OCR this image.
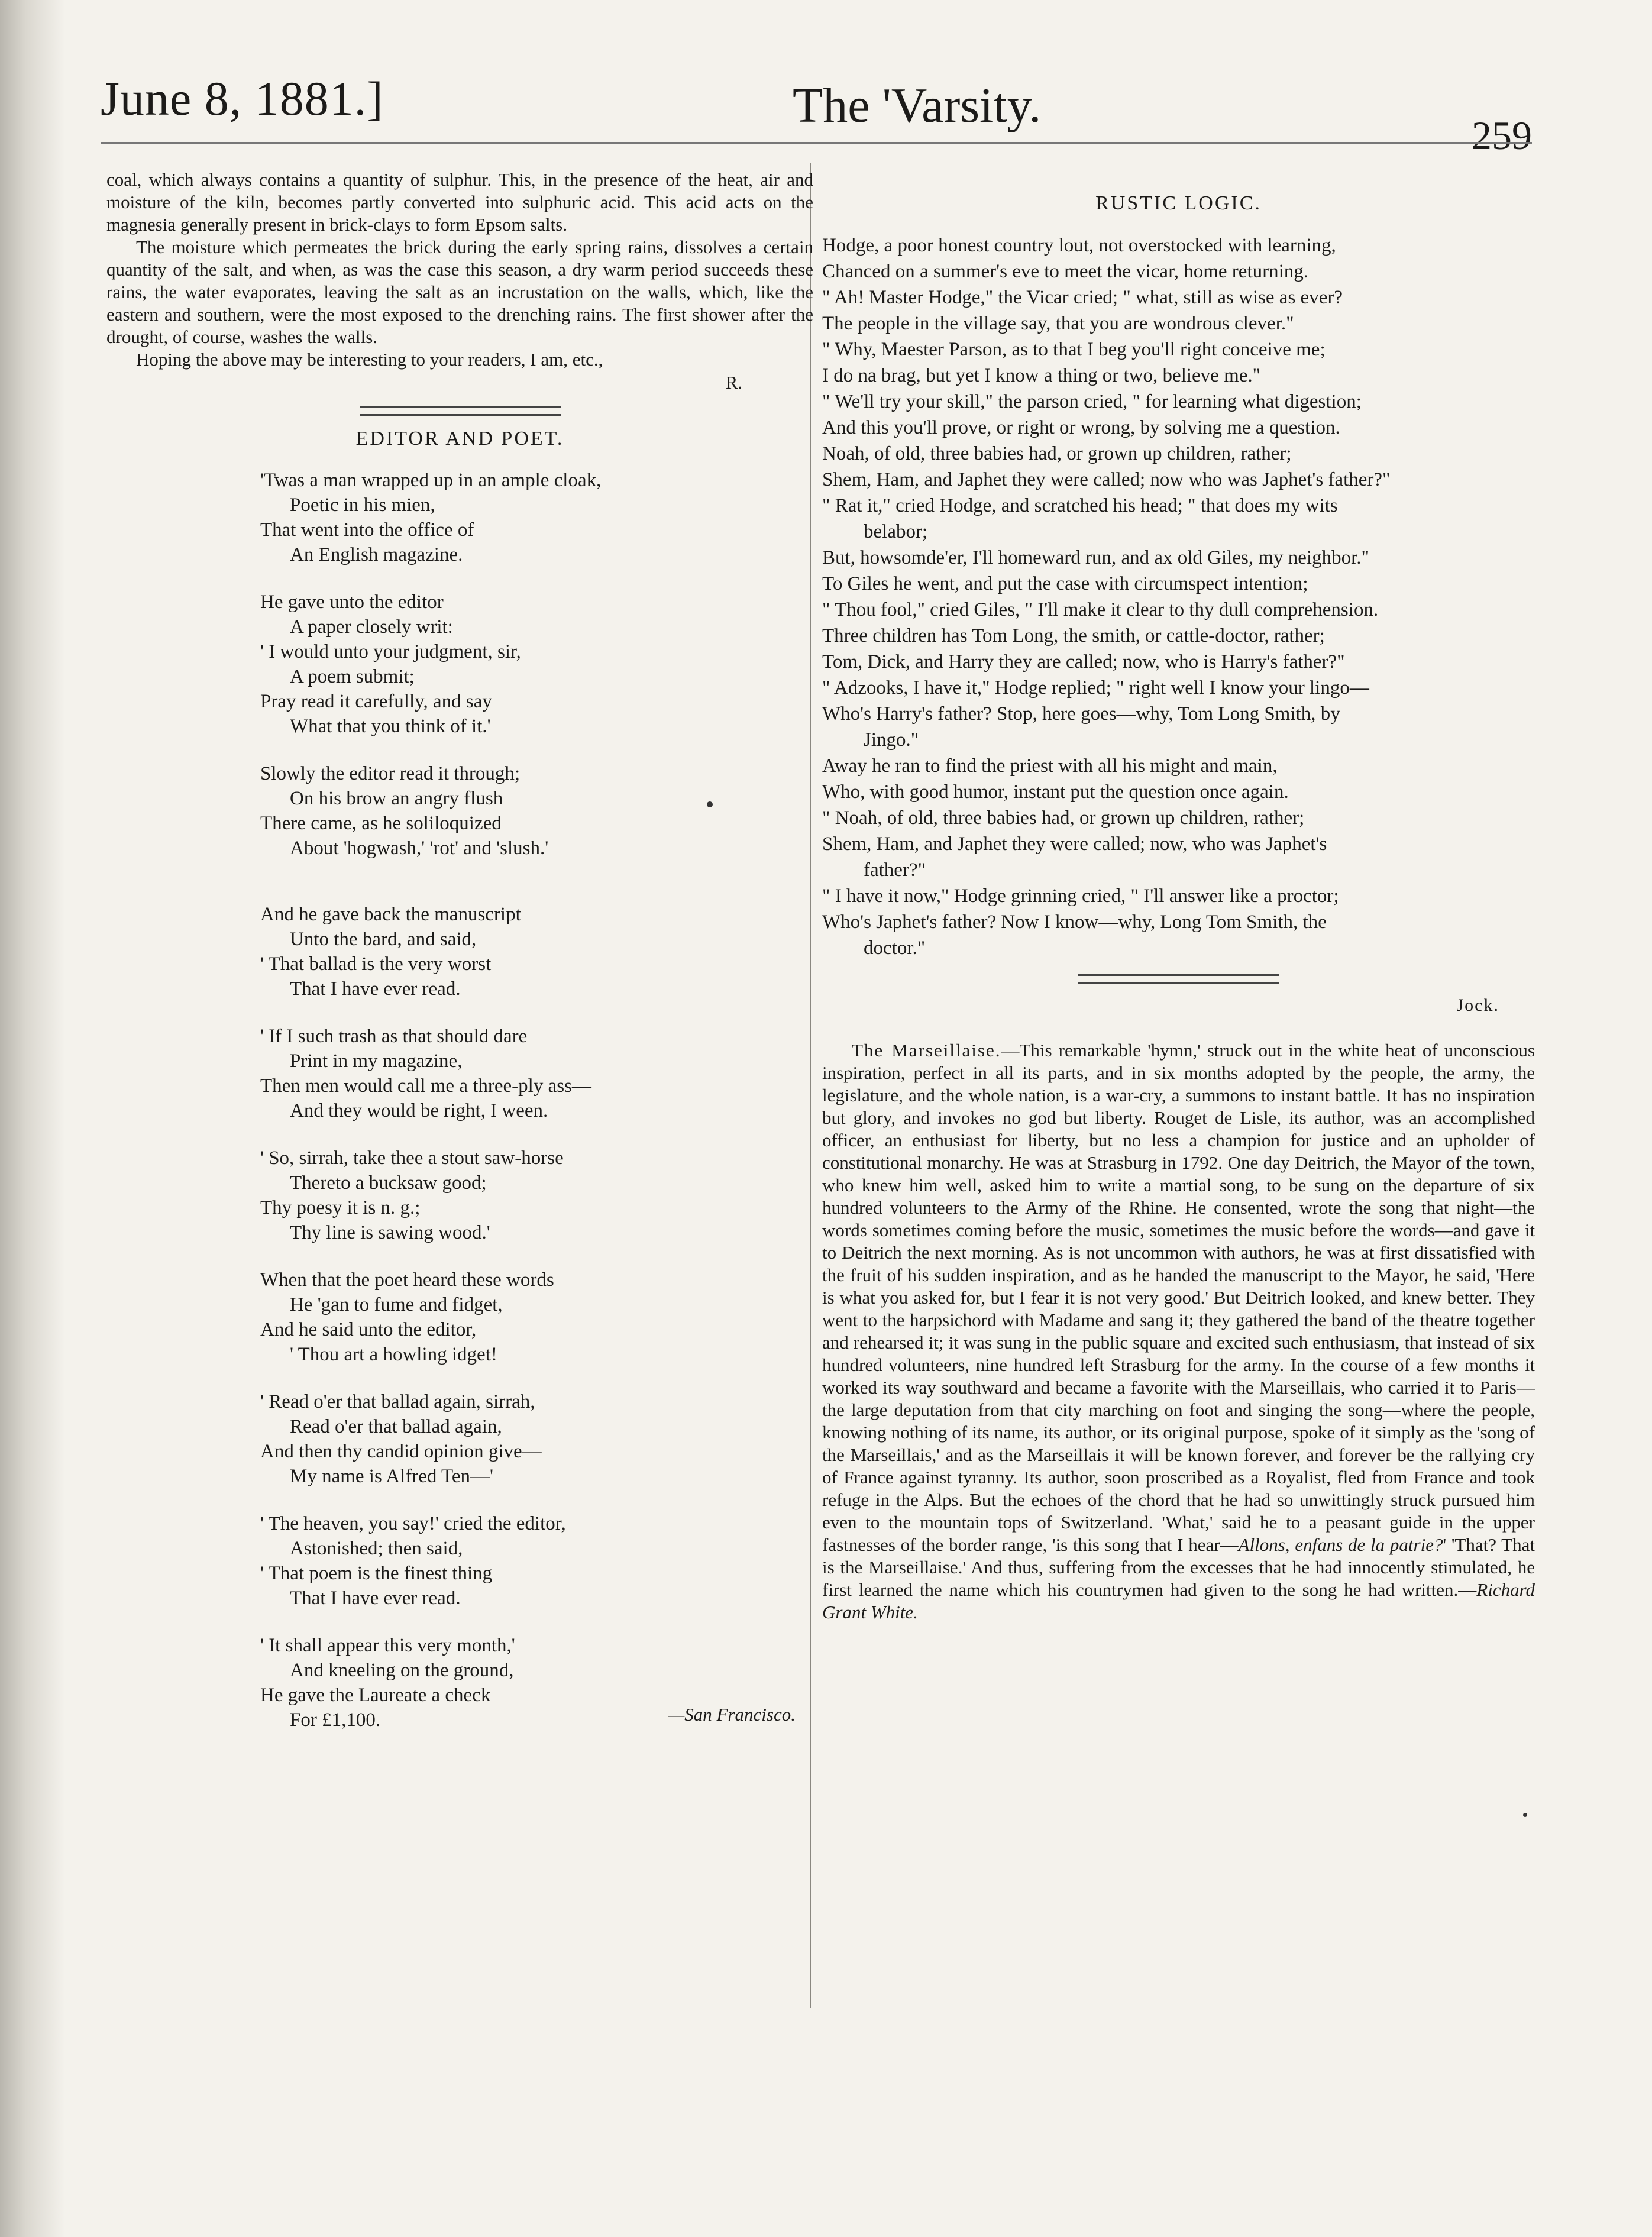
June 8, 1881.]	The 'Varsity.
259

coal, which always contains a quantity of sulphur. This, in the presence of the heat, air and moisture of the kiln, becomes partly converted into sulphuric acid. This acid acts on the magnesia generally present in brick-clays to form Epsom salts.

The moisture which permeates the brick during the early spring rains, dissolves a certain quantity of the salt, and when, as was the case this season, a dry warm period succeeds these rains, the water evaporates, leaving the salt as an incrustation on the walls, which, like the eastern and southern, were the most exposed to the drenching rains. The first shower after the drought, of course, washes the walls.

Hoping the above may be interesting to your readers, I am, etc.,

R.

EDITOR AND POET.
'Twas a man wrapped up in an ample cloak,
Poetic in his mien,
That went into the office of
An English magazine.
He gave unto the editor
A paper closely writ:
' I would unto your judgment, sir,
A poem submit;
Pray read it carefully, and say
What that you think of it.'
Slowly the editor read it through;
On his brow an angry flush
There came, as he soliloquized
About 'hogwash,' 'rot' and 'slush.'
And he gave back the manuscript
Unto the bard, and said,
' That ballad is the very worst
That I have ever read.
' If I such trash as that should dare
Print in my magazine,
Then men would call me a three-ply ass—
And they would be right, I ween.
' So, sirrah, take thee a stout saw-horse
Thereto a bucksaw good;
Thy poesy it is n. g.;
Thy line is sawing wood.'
When that the poet heard these words
He 'gan to fume and fidget,
And he said unto the editor,
' Thou art a howling idget!
' Read o'er that ballad again, sirrah,
Read o'er that ballad again,
And then thy candid opinion give—
My name is Alfred Ten—'
' The heaven, you say!' cried the editor,
Astonished; then said,
' That poem is the finest thing
That I have ever read.
' It shall appear this very month,'
And kneeling on the ground,
He gave the Laureate a check
For £1,100.	—San Francisco.
RUSTIC LOGIC.
Hodge, a poor honest country lout, not overstocked with learning,
Chanced on a summer's eve to meet the vicar, home returning.
" Ah! Master Hodge," the Vicar cried; " what, still as wise as ever?
The people in the village say, that you are wondrous clever."
" Why, Maester Parson, as to that I beg you'll right conceive me;
I do na brag, but yet I know a thing or two, believe me."
" We'll try your skill," the parson cried, " for learning what digestion;
And this you'll prove, or right or wrong, by solving me a question.
Noah, of old, three babies had, or grown up children, rather;
Shem, Ham, and Japhet they were called; now who was Japhet's father?"
" Rat it," cried Hodge, and scratched his head; " that does my wits
belabor;
But, howsomde'er, I'll homeward run, and ax old Giles, my neighbor."
To Giles he went, and put the case with circumspect intention;
" Thou fool," cried Giles, " I'll make it clear to thy dull comprehension.
Three children has Tom Long, the smith, or cattle-doctor, rather;
Tom, Dick, and Harry they are called; now, who is Harry's father?"
" Adzooks, I have it," Hodge replied; " right well I know your lingo—
Who's Harry's father? Stop, here goes—why, Tom Long Smith, by
Jingo."
Away he ran to find the priest with all his might and main,
Who, with good humor, instant put the question once again.
" Noah, of old, three babies had, or grown up children, rather;
Shem, Ham, and Japhet they were called; now, who was Japhet's
father?"
" I have it now," Hodge grinning cried, " I'll answer like a proctor;
Who's Japhet's father? Now I know—why, Long Tom Smith, the
doctor."
Jock.
The Marseillaise.—This remarkable 'hymn,' struck out in the white heat of unconscious inspiration, perfect in all its parts, and in six months adopted by the people, the army, the legislature, and the whole nation, is a war-cry, a summons to instant battle. It has no inspiration but glory, and invokes no god but liberty. Rouget de Lisle, its author, was an accomplished officer, an enthusiast for liberty, but no less a champion for justice and an upholder of constitutional monarchy. He was at Strasburg in 1792. One day Deitrich, the Mayor of the town, who knew him well, asked him to write a martial song, to be sung on the departure of six hundred volunteers to the Army of the Rhine. He consented, wrote the song that night—the words sometimes coming before the music, sometimes the music before the words—and gave it to Deitrich the next morning. As is not uncommon with authors, he was at first dissatisfied with the fruit of his sudden inspiration, and as he handed the manuscript to the Mayor, he said, 'Here is what you asked for, but I fear it is not very good.' But Deitrich looked, and knew better. They went to the harpsichord with Madame and sang it; they gathered the band of the theatre together and rehearsed it; it was sung in the public square and excited such enthusiasm, that instead of six hundred volunteers, nine hundred left Strasburg for the army. In the course of a few months it worked its way southward and became a favorite with the Marseillais, who carried it to Paris—the large deputation from that city marching on foot and singing the song—where the people, knowing nothing of its name, its author, or its original purpose, spoke of it simply as the 'song of the Marseillais,' and as the Marseillais it will be known forever, and forever be the rallying cry of France against tyranny. Its author, soon proscribed as a Royalist, fled from France and took refuge in the Alps. But the echoes of the chord that he had so unwittingly struck pursued him even to the mountain tops of Switzerland. 'What,' said he to a peasant guide in the upper fastnesses of the border range, 'is this song that I hear—Allons, enfans de la patrie?' 'That? That is the Marseillaise.' And thus, suffering from the excesses that he had innocently stimulated, he first learned the name which his countrymen had given to the song he had written.—Richard Grant White.
